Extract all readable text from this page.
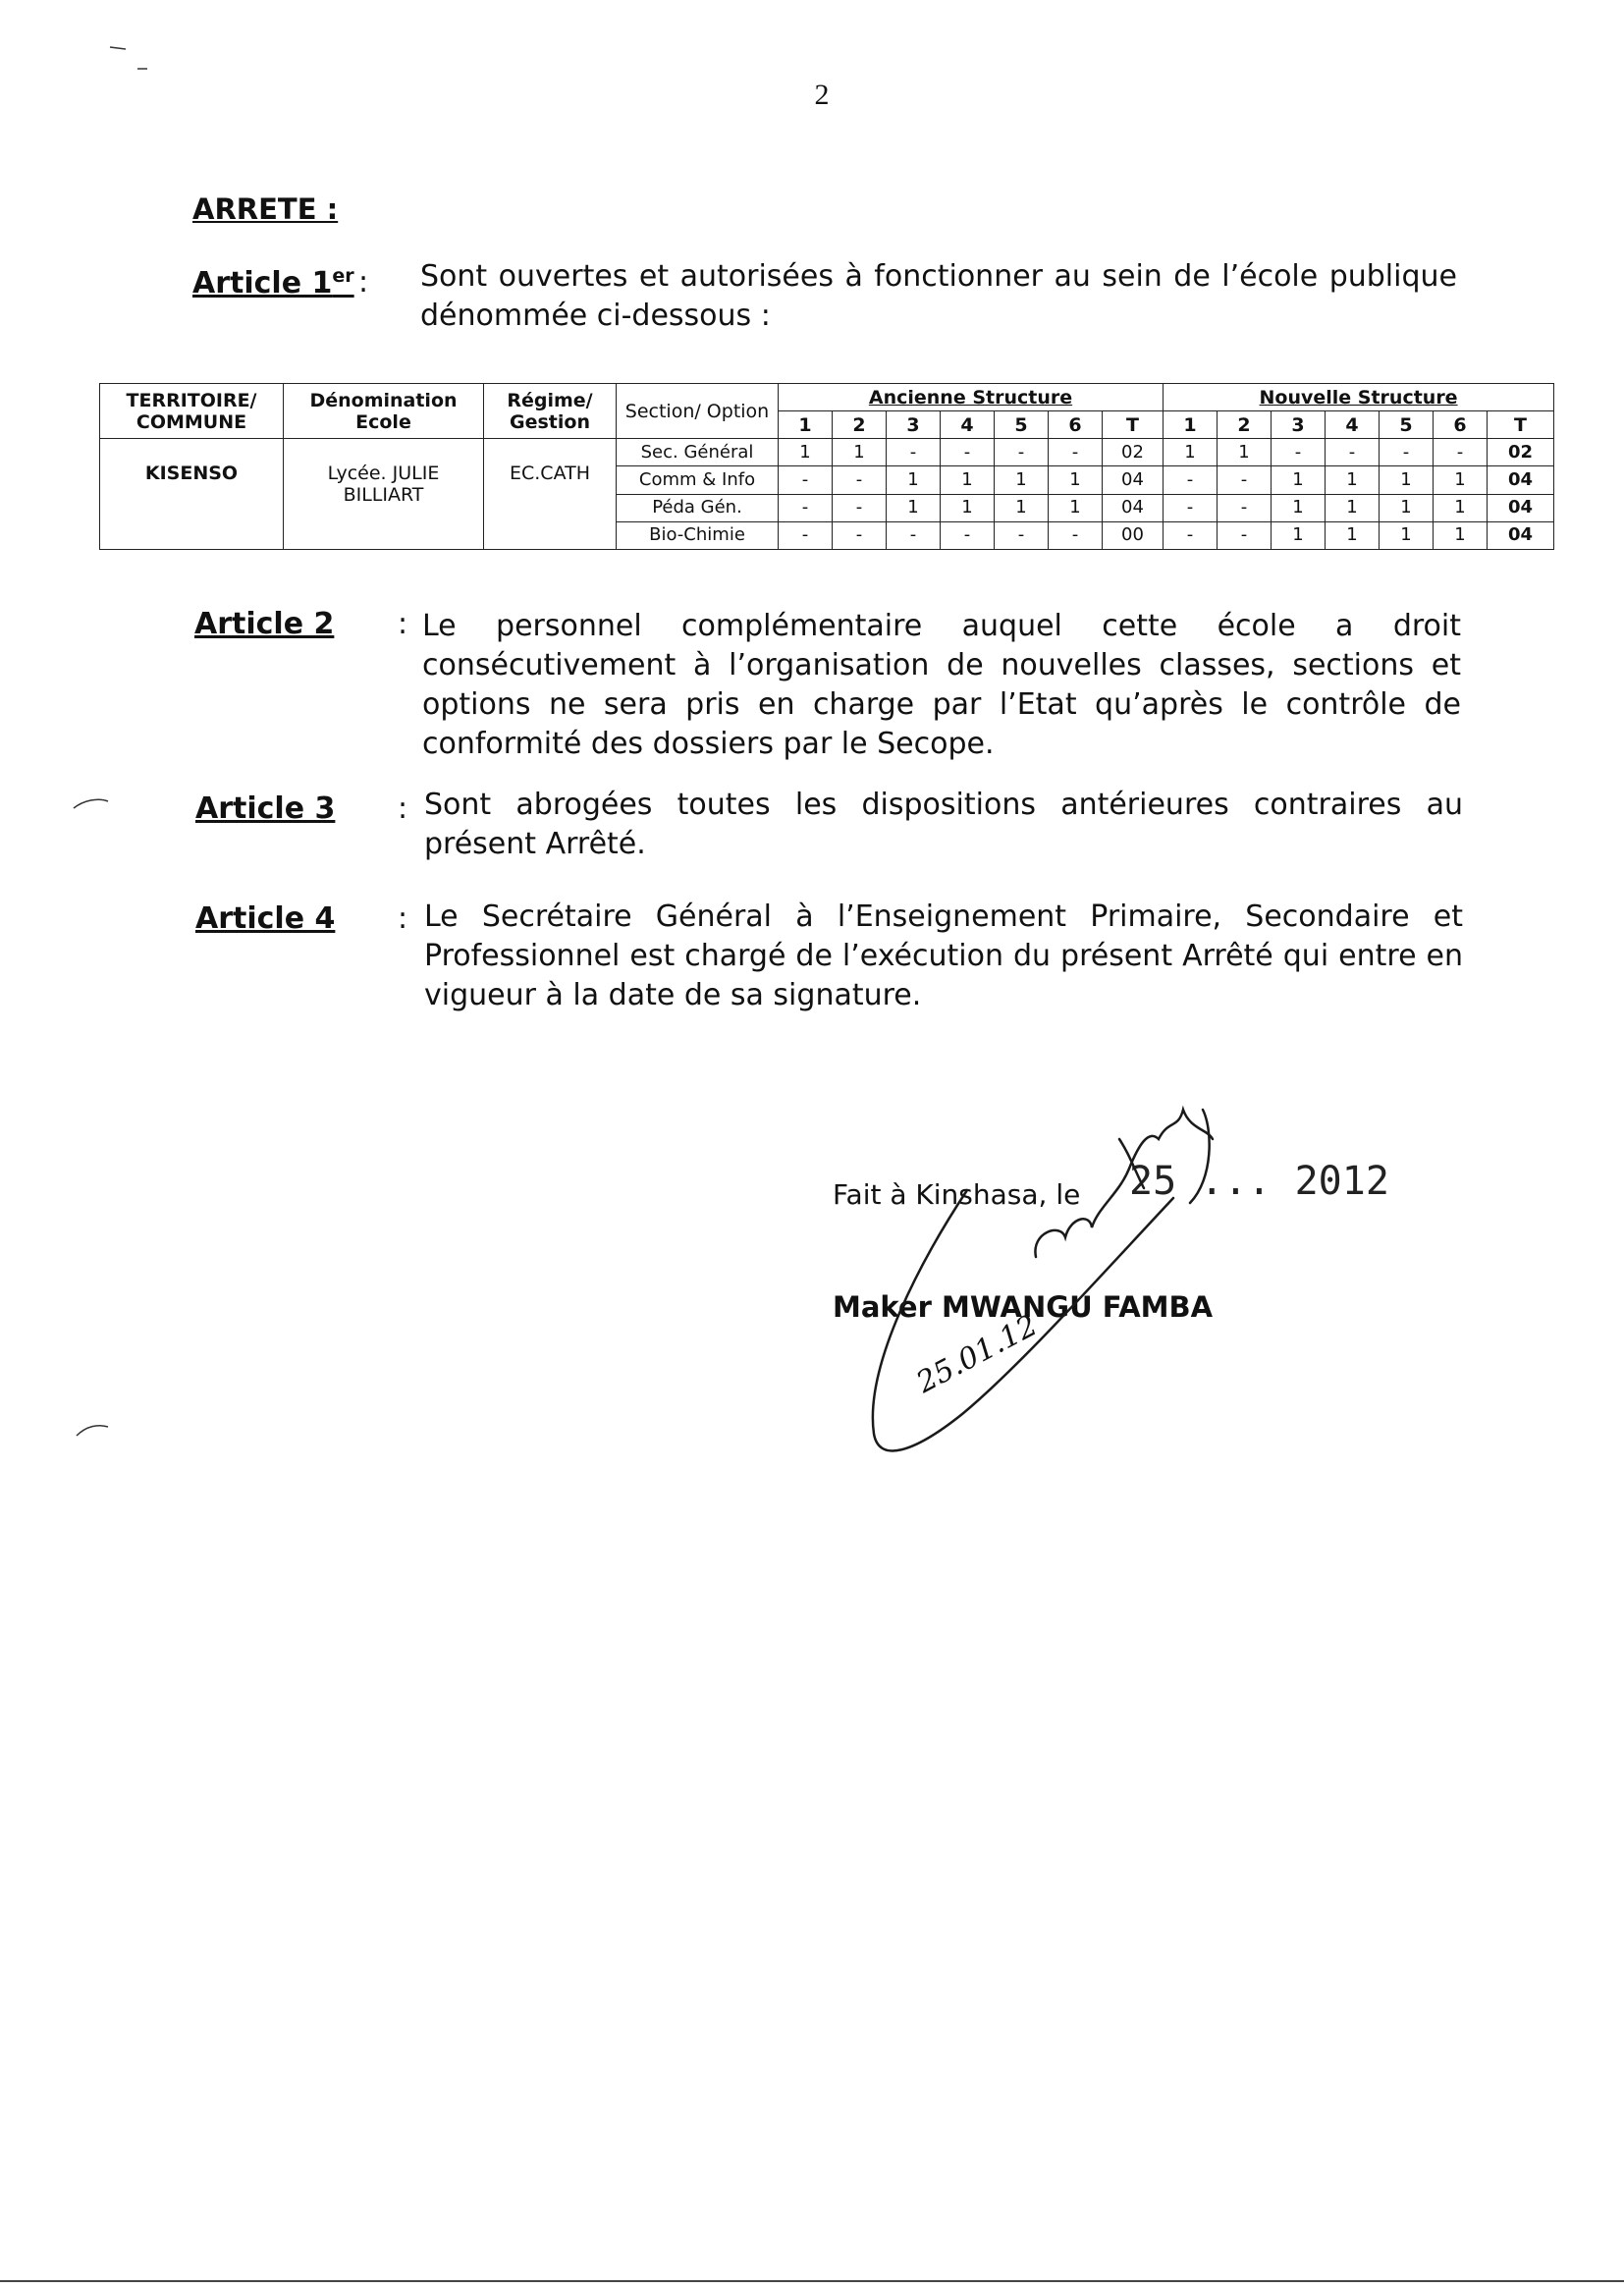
2
ARRETE :
Article 1er : Sont ouvertes et autorisées à fonctionner au sein de l’école publique dénommée ci-dessous :
TERRITOIRE/ COMMUNE	Dénomination Ecole	Régime/ Gestion	Section/ Option	Ancienne Structure							Nouvelle Structure						
				1	2	3	4	5	6	T	1	2	3	4	5	6	T
KISENSO	Lycée. JULIE BILLIART	EC.CATH	Sec. Général	1	1	-	-	-	-	02	1	1	-	-	-	-	02
			Comm & Info	-	-	1	1	1	1	04	-	-	1	1	1	1	04
			Péda Gén.	-	-	1	1	1	1	04	-	-	1	1	1	1	04
			Bio-Chimie	-	-	-	-	-	-	00	-	-	1	1	1	1	04
Article 2 : Le personnel complémentaire auquel cette école a droit consécutivement à l’organisation de nouvelles classes, sections et options ne sera pris en charge par l’Etat qu’après le contrôle de conformité des dossiers par le Secope.
Article 3 : Sont abrogées toutes les dispositions antérieures contraires au présent Arrêté.
Article 4 : Le Secrétaire Général à l’Enseignement Primaire, Secondaire et Professionnel est chargé de l’exécution du présent Arrêté qui entre en vigueur à la date de sa signature.
Fait à Kinshasa, le 25 ... 2012
Maker MWANGU FAMBA
25.01.12
